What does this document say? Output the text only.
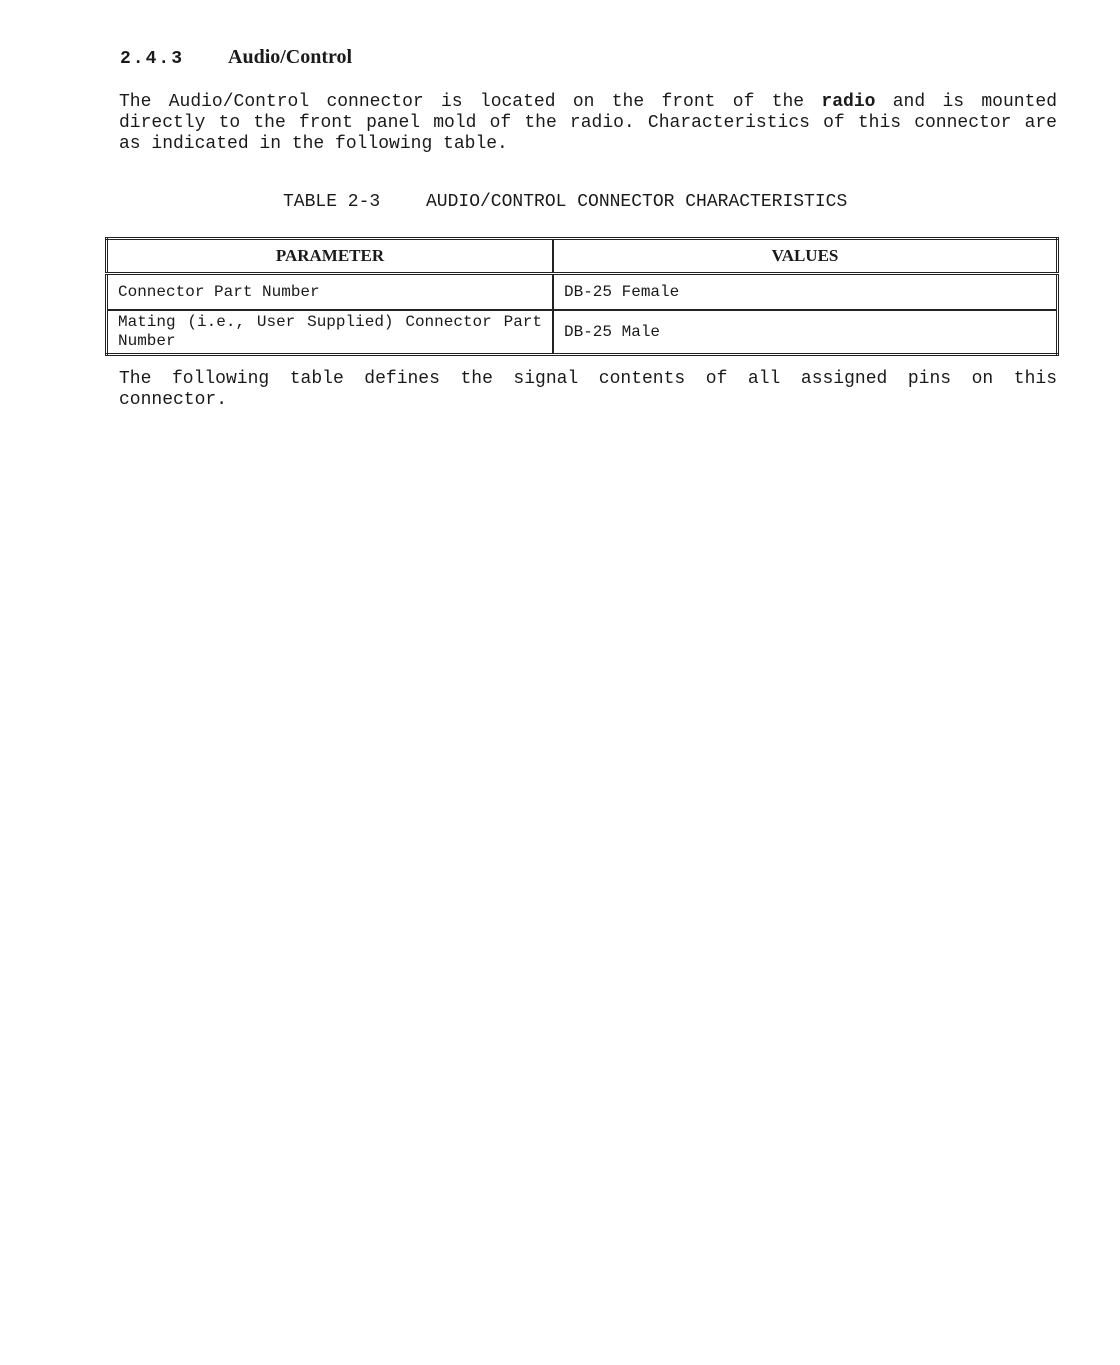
2.4.3 Audio/Control
The Audio/Control connector is located on the front of the radio and is mounted directly to the front panel mold of the radio. Characteristics of this connector are as indicated in the following table.
TABLE 2-3	AUDIO/CONTROL CONNECTOR CHARACTERISTICS
PARAMETER	VALUES
Connector Part Number	DB-25 Female
Mating (i.e., User Supplied) Connector Part Number	DB-25 Male
The following table defines the signal contents of all assigned pins on this connector.
